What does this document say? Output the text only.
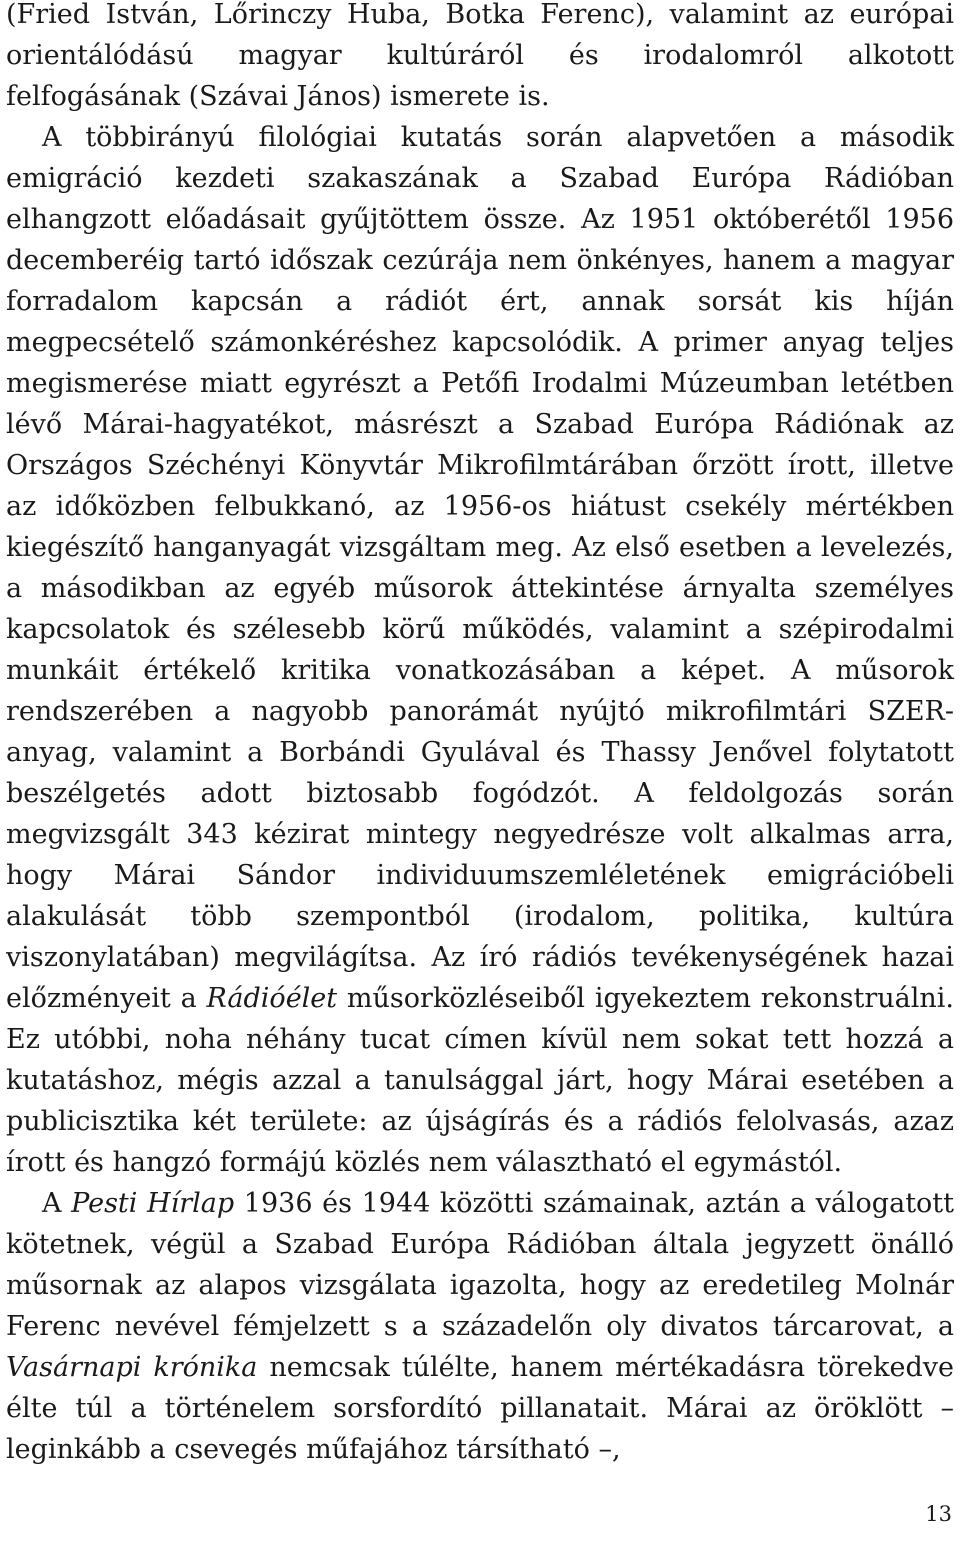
(Fried István, Lőrinczy Huba, Botka Ferenc), valamint az európai orientálódású magyar kultúráról és irodalomról alkotott felfogásának (Szávai János) ismerete is.

A többirányú filológiai kutatás során alapvetően a második emigráció kezdeti szakaszának a Szabad Európa Rádióban elhangzott előadásait gyűjtöttem össze. Az 1951 októberétől 1956 decemberéig tartó időszak cezúrája nem önkényes, hanem a magyar forradalom kapcsán a rádiót ért, annak sorsát kis híján megpecsételő számonkéréshez kapcsolódik. A primer anyag teljes megismerése miatt egyrészt a Petőfi Irodalmi Múzeumban letétben lévő Márai-hagyatékot, másrészt a Szabad Európa Rádiónak az Országos Széchényi Könyvtár Mikrofilmtárában őrzött írott, illetve az időközben felbukkanó, az 1956-os hiátust csekély mértékben kiegészítő hanganyagát vizsgáltam meg. Az első esetben a levelezés, a másodikban az egyéb műsorok áttekintése árnyalta személyes kapcsolatok és szélesebb körű működés, valamint a szépirodalmi munkáit értékelő kritika vonatkozásában a képet. A műsorok rendszerében a nagyobb panorámát nyújtó mikrofilmtári SZER-anyag, valamint a Borbándi Gyulával és Thassy Jenővel folytatott beszélgetés adott biztosabb fogódzót. A feldolgozás során megvizsgált 343 kézirat mintegy negyedrésze volt alkalmas arra, hogy Márai Sándor individuumszemléletének emigrációbeli alakulását több szempontból (irodalom, politika, kultúra viszonylatában) megvilágítsa. Az író rádiós tevékenységének hazai előzményeit a Rádióélet műsorközléseiből igyekeztem rekonstruálni. Ez utóbbi, noha néhány tucat címen kívül nem sokat tett hozzá a kutatáshoz, mégis azzal a tanulsággal járt, hogy Márai esetében a publicisztika két területe: az újságírás és a rádiós felolvasás, azaz írott és hangzó formájú közlés nem választható el egymástól.

A Pesti Hírlap 1936 és 1944 közötti számainak, aztán a válogatott kötetnek, végül a Szabad Európa Rádióban általa jegyzett önálló műsornak az alapos vizsgálata igazolta, hogy az eredetileg Molnár Ferenc nevével fémjelzett s a századelőn oly divatos tárcarovat, a Vasárnapi krónika nemcsak túlélte, hanem mértékadásra törekedve élte túl a történelem sorsfordító pillanatait. Márai az öröklött – leginkább a csevegés műfajához társítható –,

13
